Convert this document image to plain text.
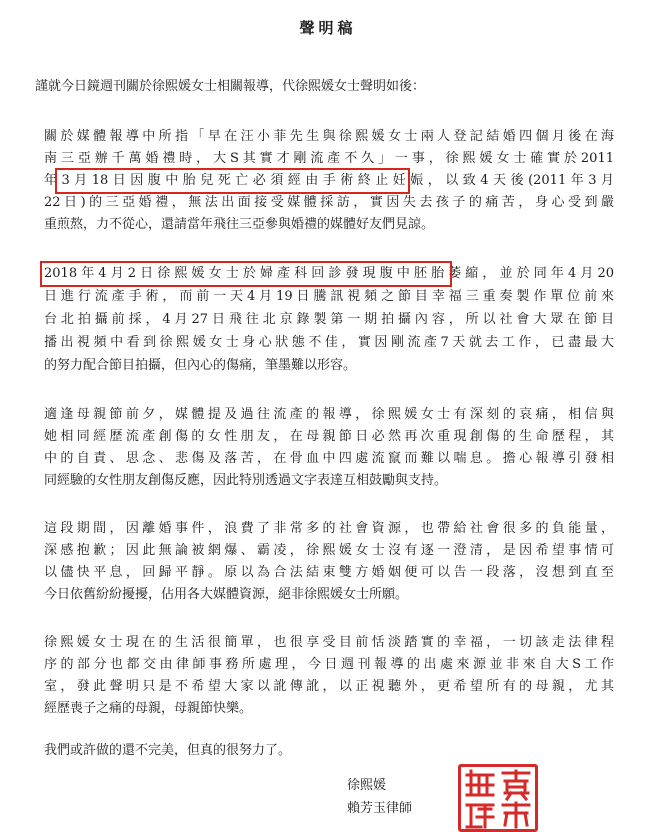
聲明稿
謹就今日鏡週刊關於徐熙媛女士相關報導，代徐熙媛女士聲明如後：
關於媒體報導中所指「早在汪小菲先生與徐熙媛女士兩人登記結婚四個月後在海
南三亞辦千萬婚禮時，大S其實才剛流產不久」一事，徐熙媛女士確實於2011
年3月18日因腹中胎兒死亡必須經由手術終止妊娠，以致4天後(2011年3月
22日)的三亞婚禮，無法出面接受媒體採訪，實因失去孩子的痛苦，身心受到嚴
重煎熬，力不從心，還請當年飛往三亞參與婚禮的媒體好友們見諒。
2018年4月2日徐熙媛女士於婦產科回診發現腹中胚胎萎縮，並於同年4月20
日進行流產手術，而前一天4月19日騰訊視頻之節目幸福三重奏製作單位前來
台北拍攝前採，4月27日飛往北京錄製第一期拍攝內容，所以社會大眾在節目
播出視頻中看到徐熙媛女士身心狀態不佳，實因剛流產7天就去工作，已盡最大
的努力配合節目拍攝，但內心的傷痛，筆墨難以形容。
適逢母親節前夕，媒體提及過往流產的報導，徐熙媛女士有深刻的哀痛，相信與
她相同經歷流產創傷的女性朋友，在母親節日必然再次重現創傷的生命歷程，其
中的自責、思念、悲傷及落苦，在骨血中四處流竄而難以喘息。擔心報導引發相
同經驗的女性朋友創傷反應，因此特別透過文字表達互相鼓勵與支持。
這段期間，因離婚事件，浪費了非常多的社會資源，也帶給社會很多的負能量，
深感抱歉；因此無論被網爆、霸凌，徐熙媛女士沒有逐一澄清，是因希望事情可
以儘快平息，回歸平靜。原以為合法結束雙方婚姻便可以告一段落，沒想到直至
今日依舊紛紛擾擾，佔用各大媒體資源，絕非徐熙媛女士所願。
徐熙媛女士現在的生活很簡單，也很享受目前恬淡踏實的幸福，一切該走法律程
序的部分也都交由律師事務所處理，今日週刊報導的出處來源並非來自大S工作
室，發此聲明只是不希望大家以訛傳訛，以正視聽外，更希望所有的母親，尤其
經歷喪子之痛的母親，母親節快樂。
我們或許做的還不完美，但真的很努力了。
徐熙媛
賴芳玉律師
